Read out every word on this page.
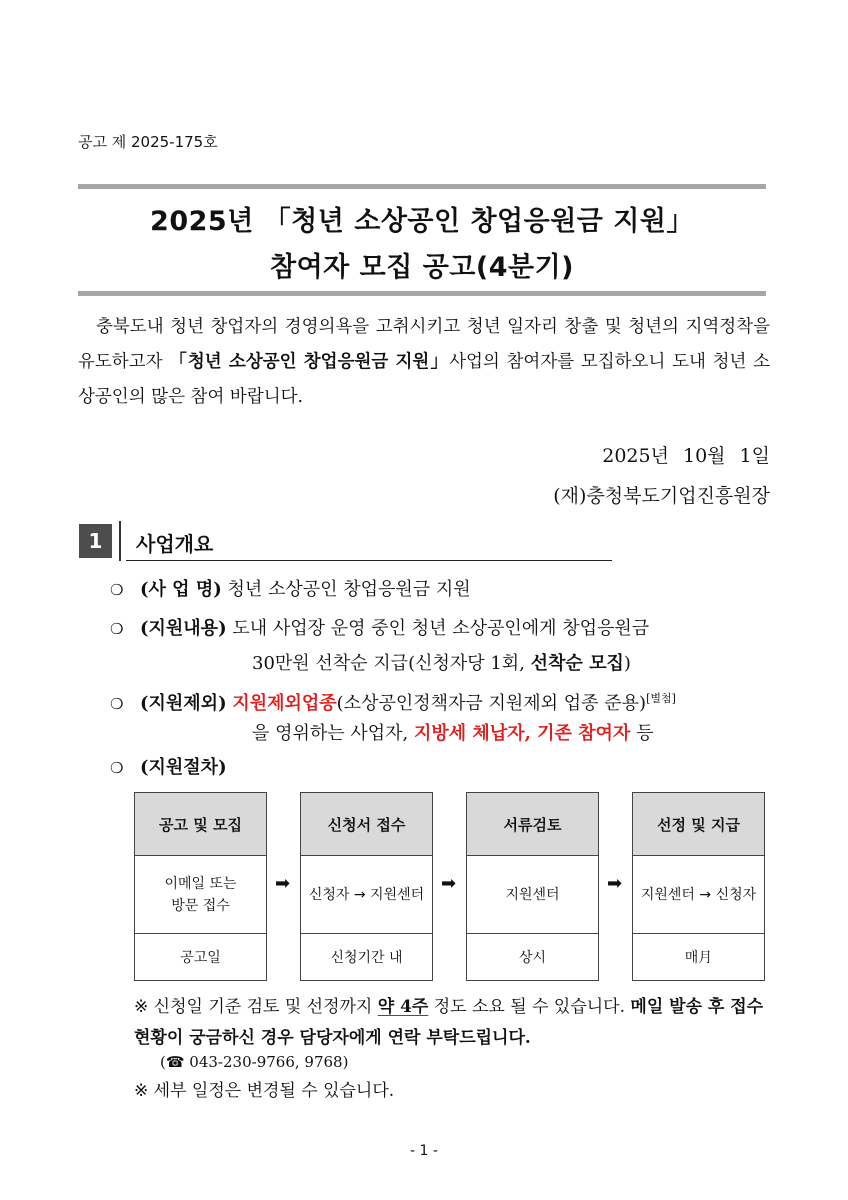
공고 제 2025-175호
2025년 「청년 소상공인 창업응원금 지원」
참여자 모집 공고(4분기)
충북도내 청년 창업자의 경영의욕을 고취시키고 청년 일자리 창출 및 청년의 지역정착을 유도하고자 「청년 소상공인 창업응원금 지원」사업의 참여자를 모집하오니 도내 청년 소상공인의 많은 참여 바랍니다.
2025년 10월 1일
(재)충청북도기업진흥원장
1	사업개요
❍ (사 업 명) 청년 소상공인 창업응원금 지원
❍ (지원내용) 도내 사업장 운영 중인 청년 소상공인에게 창업응원금
30만원 선착순 지급(신청자당 1회, 선착순 모집)
❍ (지원제외) 지원제외업종(소상공인정책자금 지원제외 업종 준용)[별첨]
을 영위하는 사업자, 지방세 체납자, 기존 참여자 등
❍ (지원절차)
공고 및 모집
이메일 또는
방문 접수
공고일
➡
신청서 접수
신청자 → 지원센터
신청기간 내
➡
서류검토
지원센터
상시
➡
선정 및 지급
지원센터 → 신청자
매月
※ 신청일 기준 검토 및 선정까지 약 4주 정도 소요 될 수 있습니다. 메일 발송 후 접수현황이 궁금하신 경우 담당자에게 연락 부탁드립니다.
(☎ 043-230-9766, 9768)
※ 세부 일정은 변경될 수 있습니다.
- 1 -
